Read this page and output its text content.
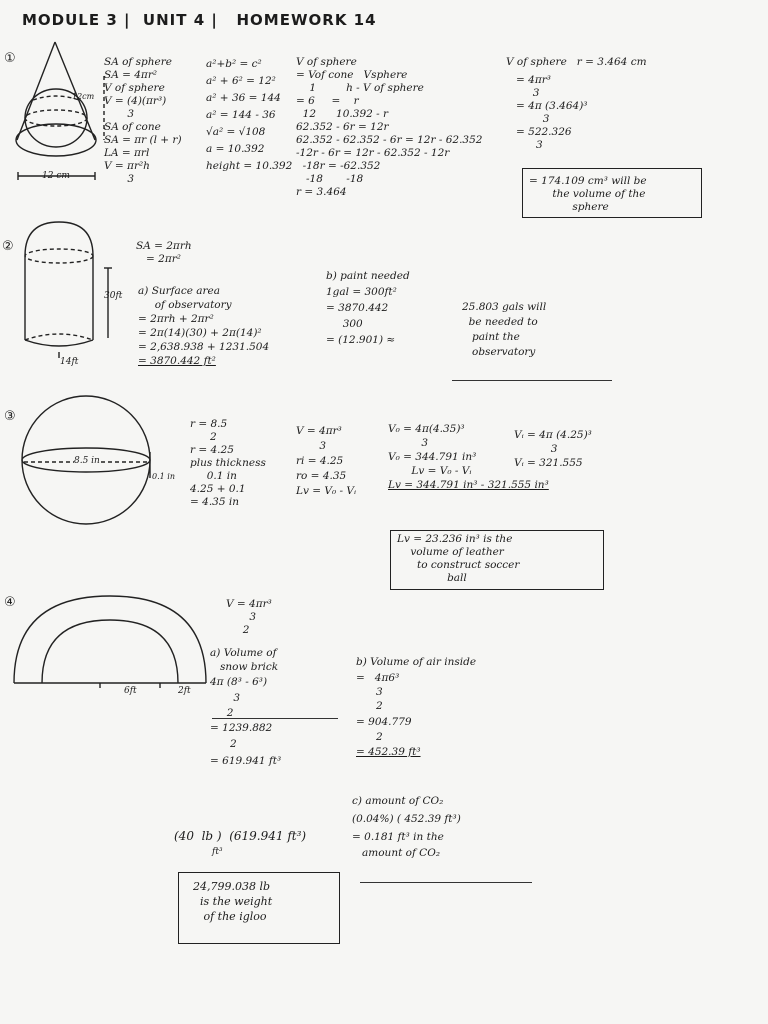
MODULE 3 |  UNIT 4 |   HOMEWORK 14
12cm
12 cm
30ft
14ft
8.5 in
0.1 in
6ft	2ft
①
②
③
④
SA of sphere
SA = 4πr²
V of sphere
V = (4)(πr³)
3
SA of cone
SA = πr (l + r)
LA = πrl
V = πr²h
3
a²+b² = c²
a² + 6² = 12²
a² + 36 = 144
a² = 144 - 36
√a² = √108
a = 10.392
height = 10.392
V of sphere
= Vof cone   Vsphere
1         h - V of sphere
= 6     =    r
12      10.392 - r
62.352 - 6r = 12r
62.352 - 62.352 - 6r = 12r - 62.352
-12r - 6r = 12r - 62.352 - 12r
-18r = -62.352
-18       -18
r = 3.464
V of sphere   r = 3.464 cm
= 4πr³
3
= 4π (3.464)³
3
= 522.326
3
= 174.109 cm³ will be
the volume of the
sphere
SA = 2πrh
= 2πr²
a) Surface area
of observatory
= 2πrh + 2πr²
= 2π(14)(30) + 2π(14)²
= 2,638.938 + 1231.504
= 3870.442 ft²
b) paint needed
1gal = 300ft²
= 3870.442
300
= (12.901) ≈
25.803 gals will
be needed to
paint the
observatory
r = 8.5
2
r = 4.25
plus thickness
0.1 in
4.25 + 0.1
= 4.35 in
V = 4πr³
3
ri = 4.25
ro = 4.35
Lv = V₀ - Vᵢ
V₀ = 4π(4.35)³
3
V₀ = 344.791 in³
Lv = V₀ - Vᵢ
Lv = 344.791 in³ - 321.555 in³
Vᵢ = 4π (4.25)³
3
Vᵢ = 321.555
Lv = 23.236 in³ is the
volume of leather
to construct soccer
ball
V = 4πr³
3
2
a) Volume of
snow brick
4π (8³ - 6³)
3
2
= 1239.882
2
= 619.941 ft³
(40  lb )  (619.941 ft³)
ft³
24,799.038 lb
is the weight
of the igloo
b) Volume of air inside
=   4π6³
3
2
= 904.779
2
= 452.39 ft³
c) amount of CO₂
(0.04%) ( 452.39 ft³)
= 0.181 ft³ in the
amount of CO₂
